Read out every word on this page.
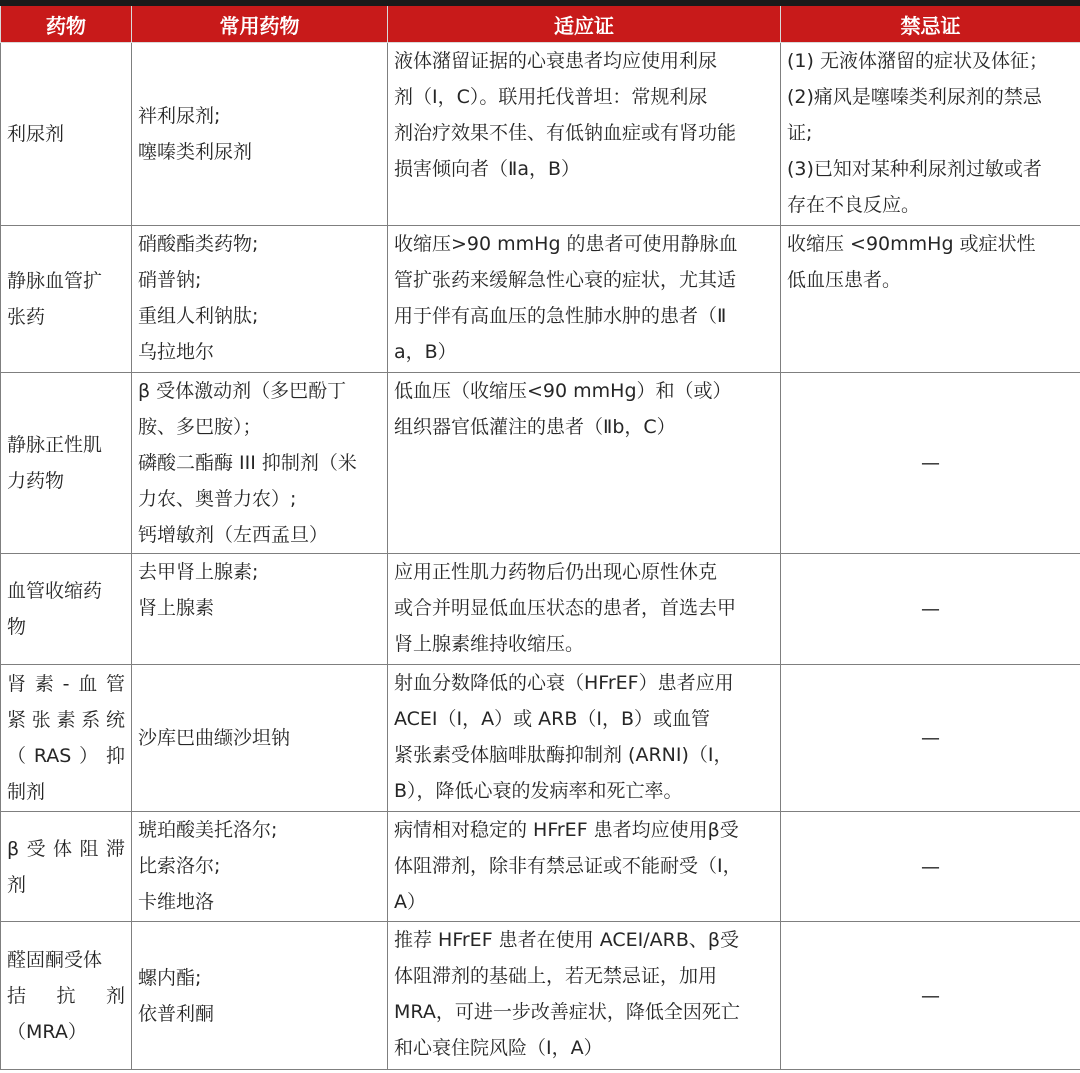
药物	常用药物	适应证	禁忌证

利尿剂	袢利尿剂;
噻嗪类利尿剂	液体潴留证据的心衰患者均应使用利尿
剂（Ⅰ，C）。联用托伐普坦：常规利尿
剂治疗效果不佳、有低钠血症或有肾功能
损害倾向者（Ⅱa，B）	(1) 无液体潴留的症状及体征；
(2)痛风是噻嗪类利尿剂的禁忌
证;
(3)已知对某种利尿剂过敏或者
存在不良反应。

静脉血管扩
张药	硝酸酯类药物;
硝普钠;
重组人利钠肽;
乌拉地尔	收缩压>90 mmHg 的患者可使用静脉血
管扩张药来缓解急性心衰的症状，尤其适
用于伴有高血压的急性肺水肿的患者（Ⅱ
a，B）	收缩压 <90mmHg 或症状性
低血压患者。

静脉正性肌
力药物	β 受体激动剂（多巴酚丁
胺、多巴胺）；
磷酸二酯酶 III 抑制剂（米
力农、奥普力农）;
钙增敏剂（左西孟旦）	低血压（收缩压<90 mmHg）和（或）
组织器官低灌注的患者（Ⅱb，C）	—

血管收缩药
物	去甲肾上腺素;
肾上腺素	应用正性肌力药物后仍出现心原性休克
或合并明显低血压状态的患者，首选去甲
肾上腺素维持收缩压。	—

肾素-血管
紧张素系统
（RAS）抑
制剂	沙库巴曲缬沙坦钠	射血分数降低的心衰（HFrEF）患者应用
ACEI（Ⅰ，A）或 ARB（Ⅰ，B）或血管
紧张素受体脑啡肽酶抑制剂 (ARNI)（Ⅰ，
B），降低心衰的发病率和死亡率。	—

β受体阻滞
剂	琥珀酸美托洛尔;
比索洛尔;
卡维地洛	病情相对稳定的 HFrEF 患者均应使用β受
体阻滞剂，除非有禁忌证或不能耐受（Ⅰ，
A）	—

醛固酮受体
拮抗剂
（MRA）	螺内酯;
依普利酮	推荐 HFrEF 患者在使用 ACEI/ARB、β受
体阻滞剂的基础上，若无禁忌证，加用
MRA，可进一步改善症状，降低全因死亡
和心衰住院风险（Ⅰ，A）	—
